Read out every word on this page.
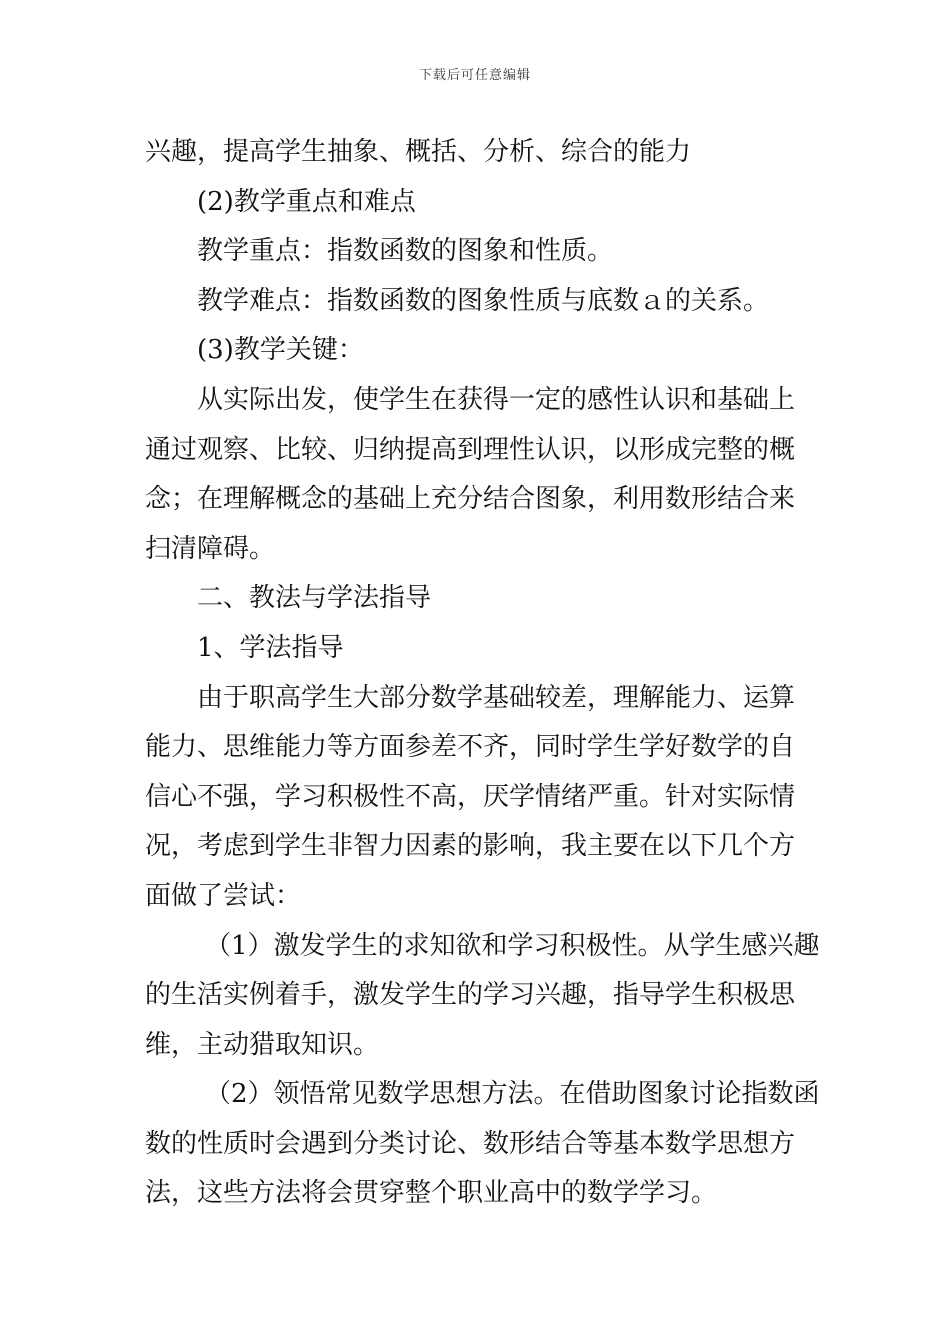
下载后可任意编辑
兴趣，提高学生抽象、概括、分析、综合的能力
(2)教学重点和难点
教学重点：指数函数的图象和性质。
教学难点：指数函数的图象性质与底数ａ的关系。
(3)教学关键：
从实际出发，使学生在获得一定的感性认识和基础上
通过观察、比较、归纳提高到理性认识，以形成完整的概
念；在理解概念的基础上充分结合图象，利用数形结合来
扫清障碍。
二、教法与学法指导
1、学法指导
由于职高学生大部分数学基础较差，理解能力、运算
能力、思维能力等方面参差不齐，同时学生学好数学的自
信心不强，学习积极性不高，厌学情绪严重。针对实际情
况，考虑到学生非智力因素的影响，我主要在以下几个方
面做了尝试：
（1）激发学生的求知欲和学习积极性。从学生感兴趣
的生活实例着手，激发学生的学习兴趣，指导学生积极思
维，主动猎取知识。
（2）领悟常见数学思想方法。在借助图象讨论指数函
数的性质时会遇到分类讨论、数形结合等基本数学思想方
法，这些方法将会贯穿整个职业高中的数学学习。
